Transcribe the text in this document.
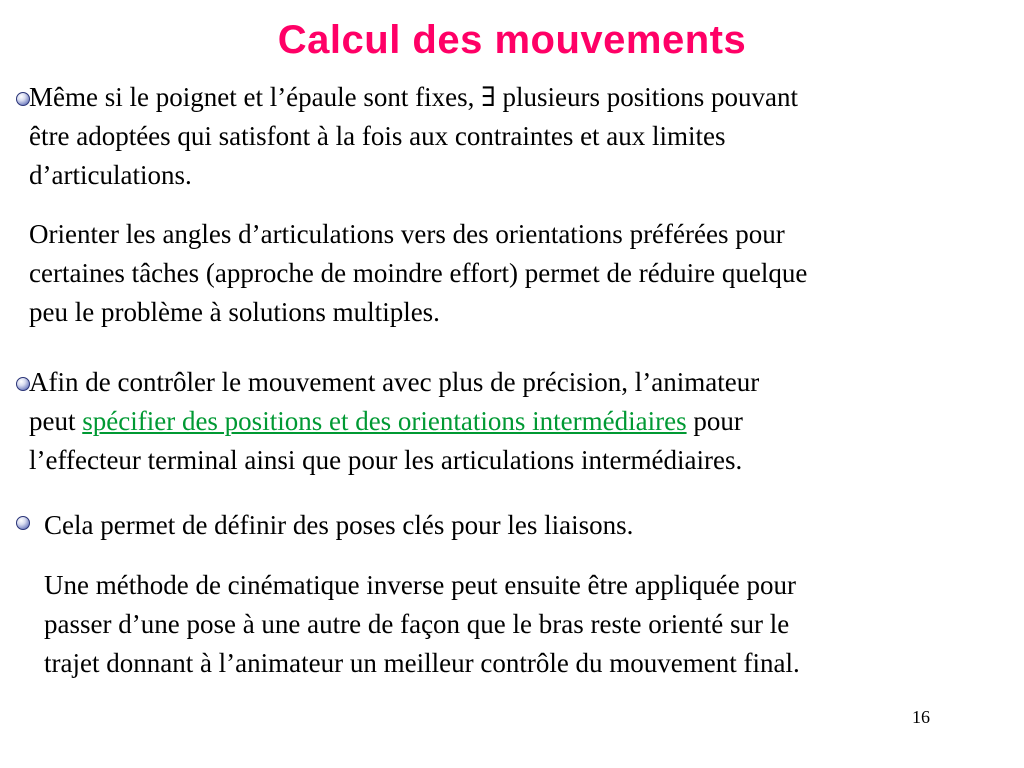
Calcul des mouvements

Même si le poignet et l’épaule sont fixes, ∃ plusieurs positions pouvant
être adoptées qui satisfont à la fois aux contraintes et aux limites
d’articulations.

Orienter les angles d’articulations vers des orientations préférées pour
certaines tâches (approche de moindre effort) permet de réduire quelque
peu le problème à solutions multiples.

Afin de contrôler le mouvement avec plus de précision, l’animateur
peut spécifier des positions et des orientations intermédiaires pour
l’effecteur terminal ainsi que pour les articulations intermédiaires.

Cela permet de définir des poses clés pour les liaisons.

Une méthode de cinématique inverse peut ensuite être appliquée pour
passer d’une pose à une autre de façon que le bras reste orienté sur le
trajet donnant à l’animateur un meilleur contrôle du mouvement final.

16
